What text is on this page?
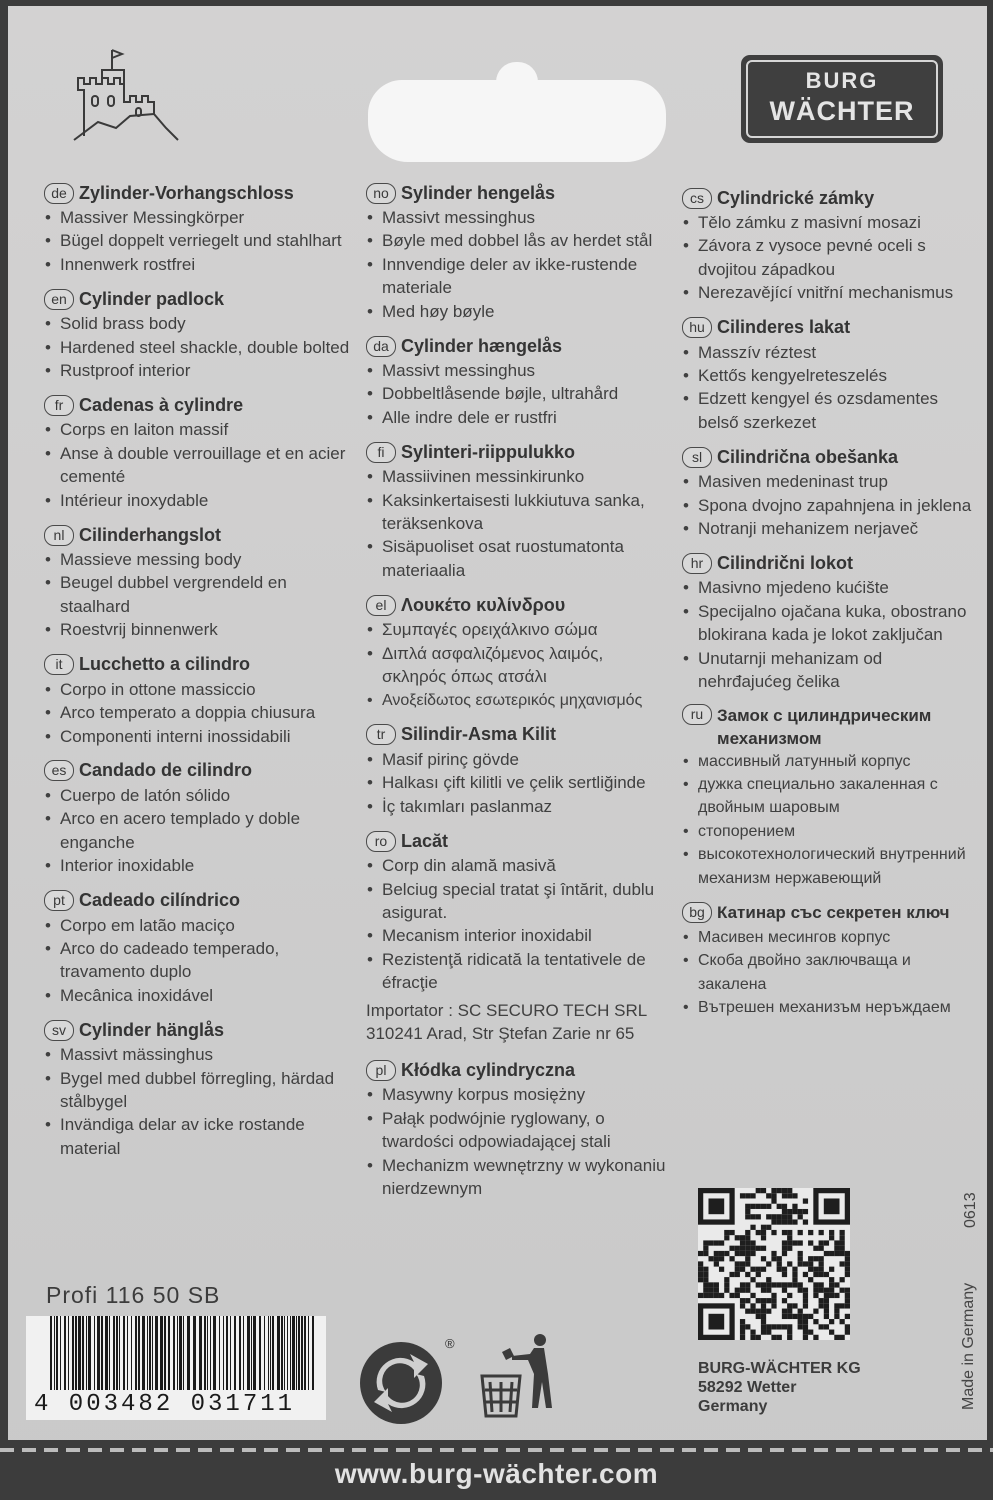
BURG
WÄCHTER
de Zylinder-Vorhangschloss
• Massiver Messingkörper
• Bügel doppelt verriegelt und stahlhart
• Innenwerk rostfrei
en Cylinder padlock
• Solid brass body
• Hardened steel shackle, double bolted
• Rustproof interior
fr Cadenas à cylindre
• Corps en laiton massif
• Anse à double verrouillage et en acier cementé
• Intérieur inoxydable
nl Cilinderhangslot
• Massieve messing body
• Beugel dubbel vergrendeld en staalhard
• Roestvrij binnenwerk
it Lucchetto a cilindro
• Corpo in ottone massiccio
• Arco temperato a doppia chiusura
• Componenti interni inossidabili
es Candado de cilindro
• Cuerpo de latón sólido
• Arco en acero templado y doble enganche
• Interior inoxidable
pt Cadeado cilíndrico
• Corpo em latão maciço
• Arco do cadeado temperado, travamento duplo
• Mecânica inoxidável
sv Cylinder hänglås
• Massivt mässinghus
• Bygel med dubbel förregling, härdad stålbygel
• Invändiga delar av icke rostande material
no Sylinder hengelås
• Massivt messinghus
• Bøyle med dobbel lås av herdet stål
• Innvendige deler av ikke-rustende materiale
• Med høy bøyle
da Cylinder hængelås
• Massivt messinghus
• Dobbeltlåsende bøjle, ultrahård
• Alle indre dele er rustfri
fi Sylinteri-riippulukko
• Massiivinen messinkirunko
• Kaksinkertaisesti lukkiutuva sanka, teräksenkova
• Sisäpuoliset osat ruostumatonta materiaalia
el Λουκέτο κυλίνδρου
• Συμπαγές ορειχάλκινο σώμα
• Διπλά ασφαλιζόμενος λαιμός, σκληρός όπως ατσάλι
• Ανοξείδωτος εσωτερικός μηχανισμός
tr Silindir-Asma Kilit
• Masif pirinç gövde
• Halkası çift kilitli ve çelik sertliğinde
• İç takımları paslanmaz
ro Lacăt
• Corp din alamă masivă
• Belciug special tratat şi întărit, dublu asigurat.
• Mecanism interior inoxidabil
• Rezistenţă ridicată la tentativele de éfracţie
Importator : SC SECURO TECH SRL
310241 Arad, Str Ştefan Zarie nr 65
pl Kłódka cylindryczna
• Masywny korpus mosiężny
• Pałąk podwójnie ryglowany, o twardości odpowiadającej stali
• Mechanizm wewnętrzny w wykonaniu nierdzewnym
cs Cylindrické zámky
• Tělo zámku z masivní mosazi
• Závora z vysoce pevné oceli s dvojitou západkou
• Nerezavějící vnitřní mechanismus
hu Cilinderes lakat
• Masszív réztest
• Kettős kengyelreteszelés
• Edzett kengyel és ozsdamentes belső szerkezet
sl Cilindrična obešanka
• Masiven medeninast trup
• Spona dvojno zapahnjena in jeklena
• Notranji mehanizem nerjaveč
hr Cilindrični lokot
• Masivno mjedeno kućište
• Specijalno ojačana kuka, obostrano blokirana kada je lokot zaključan
• Unutarnji mehanizam od nehrđajućeg čelika
ru Замок с цилиндрическим механизмом
• массивный латунный корпус
• дужка специально закаленная с двойным шаровым
• стопорением
• высокотехнологический внутренний механизм нержавеющий
bg Катинар със секретен ключ
• Масивен месингов корпус
• Скоба двойно заключваща и закалена
• Вътрешен механизъм неръждаем
Profi 116 50 SB
4 003482 031711
®
BURG-WÄCHTER KG
58292 Wetter
Germany	Made in Germany
0613
www.burg-wächter.com
